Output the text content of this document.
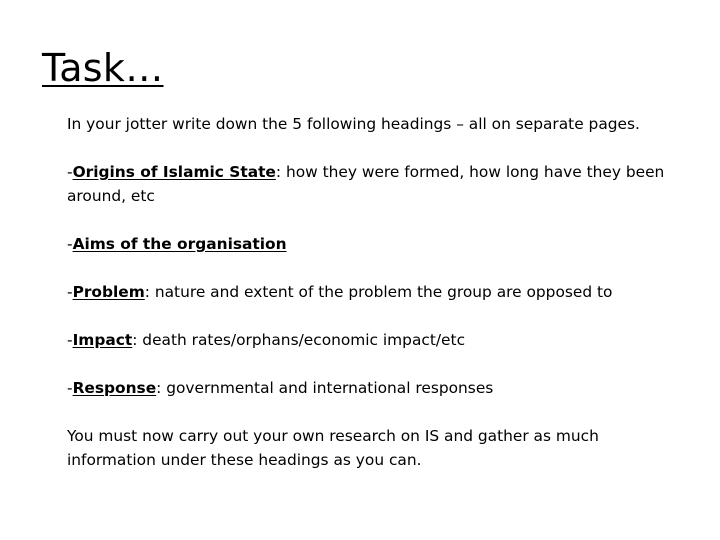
Task…

In your jotter write down the 5 following headings – all on separate pages.

-Origins of Islamic State: how they were formed, how long have they been around, etc

-Aims of the organisation

-Problem: nature and extent of the problem the group are opposed to

-Impact: death rates/orphans/economic impact/etc

-Response: governmental and international responses

You must now carry out your own research on IS and gather as much information under these headings as you can.
